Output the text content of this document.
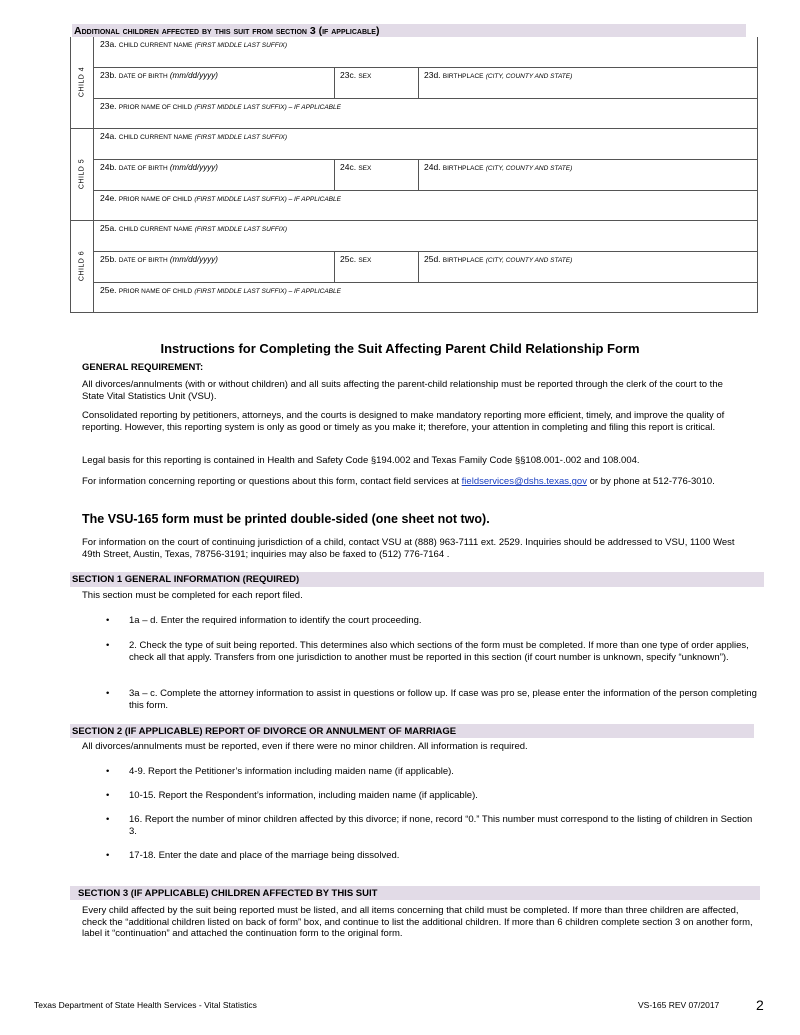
Additional children affected by this suit from section 3 (if applicable)
CHILD 4
23a. CHILD CURRENT NAME (FIRST MIDDLE LAST SUFFIX)
23b. DATE OF BIRTH (mm/dd/yyyy)	23c. SEX	23d. BIRTHPLACE (CITY, COUNTY AND STATE)
23e. PRIOR NAME OF CHILD (FIRST MIDDLE LAST SUFFIX) – IF APPLICABLE
CHILD 5
24a. CHILD CURRENT NAME (FIRST MIDDLE LAST SUFFIX)
24b. DATE OF BIRTH (mm/dd/yyyy)	24c. SEX	24d. BIRTHPLACE (CITY, COUNTY AND STATE)
24e. PRIOR NAME OF CHILD (FIRST MIDDLE LAST SUFFIX) – IF APPLICABLE
CHILD 6
25a. CHILD CURRENT NAME (FIRST MIDDLE LAST SUFFIX)
25b. DATE OF BIRTH (mm/dd/yyyy)	25c. SEX	25d. BIRTHPLACE (CITY, COUNTY AND STATE)
25e. PRIOR NAME OF CHILD (FIRST MIDDLE LAST SUFFIX) – IF APPLICABLE
Instructions for Completing the Suit Affecting Parent Child Relationship Form
GENERAL REQUIREMENT:
All divorces/annulments (with or without children) and all suits affecting the parent-child relationship must be reported through the clerk of the court to the State Vital Statistics Unit (VSU).
Consolidated reporting by petitioners, attorneys, and the courts is designed to make mandatory reporting more efficient, timely, and improve the quality of reporting. However, this reporting system is only as good or timely as you make it; therefore, your attention in completing and filing this report is critical.
Legal basis for this reporting is contained in Health and Safety Code §194.002 and Texas Family Code §§108.001-.002 and 108.004.
For information concerning reporting or questions about this form, contact field services at fieldservices@dshs.texas.gov or by phone at 512-776-3010.
The VSU-165 form must be printed double-sided (one sheet not two).
For information on the court of continuing jurisdiction of a child, contact VSU at (888) 963-7111 ext. 2529. Inquiries should be addressed to VSU, 1100 West 49th Street, Austin, Texas, 78756-3191; inquiries may also be faxed to (512) 776-7164 .
SECTION 1 GENERAL INFORMATION (REQUIRED)
This section must be completed for each report filed.
• 1a – d. Enter the required information to identify the court proceeding.
• 2. Check the type of suit being reported. This determines also which sections of the form must be completed. If more than one type of order applies, check all that apply. Transfers from one jurisdiction to another must be reported in this section (if court number is unknown, specify “unknown”).
• 3a – c. Complete the attorney information to assist in questions or follow up. If case was pro se, please enter the information of the person completing this form.
SECTION 2 (IF APPLICABLE) REPORT OF DIVORCE OR ANNULMENT OF MARRIAGE
All divorces/annulments must be reported, even if there were no minor children. All information is required.
• 4-9. Report the Petitioner’s information including maiden name (if applicable).
• 10-15. Report the Respondent’s information, including maiden name (if applicable).
• 16. Report the number of minor children affected by this divorce; if none, record “0.” This number must correspond to the listing of children in Section 3.
• 17-18. Enter the date and place of the marriage being dissolved.
SECTION 3 (IF APPLICABLE) CHILDREN AFFECTED BY THIS SUIT
Every child affected by the suit being reported must be listed, and all items concerning that child must be completed. If more than three children are affected, check the “additional children listed on back of form” box, and continue to list the additional children. If more than 6 children complete section 3 on another form, label it “continuation” and attached the continuation form to the original form.
Texas Department of State Health Services - Vital Statistics	VS-165 REV 07/2017	2
